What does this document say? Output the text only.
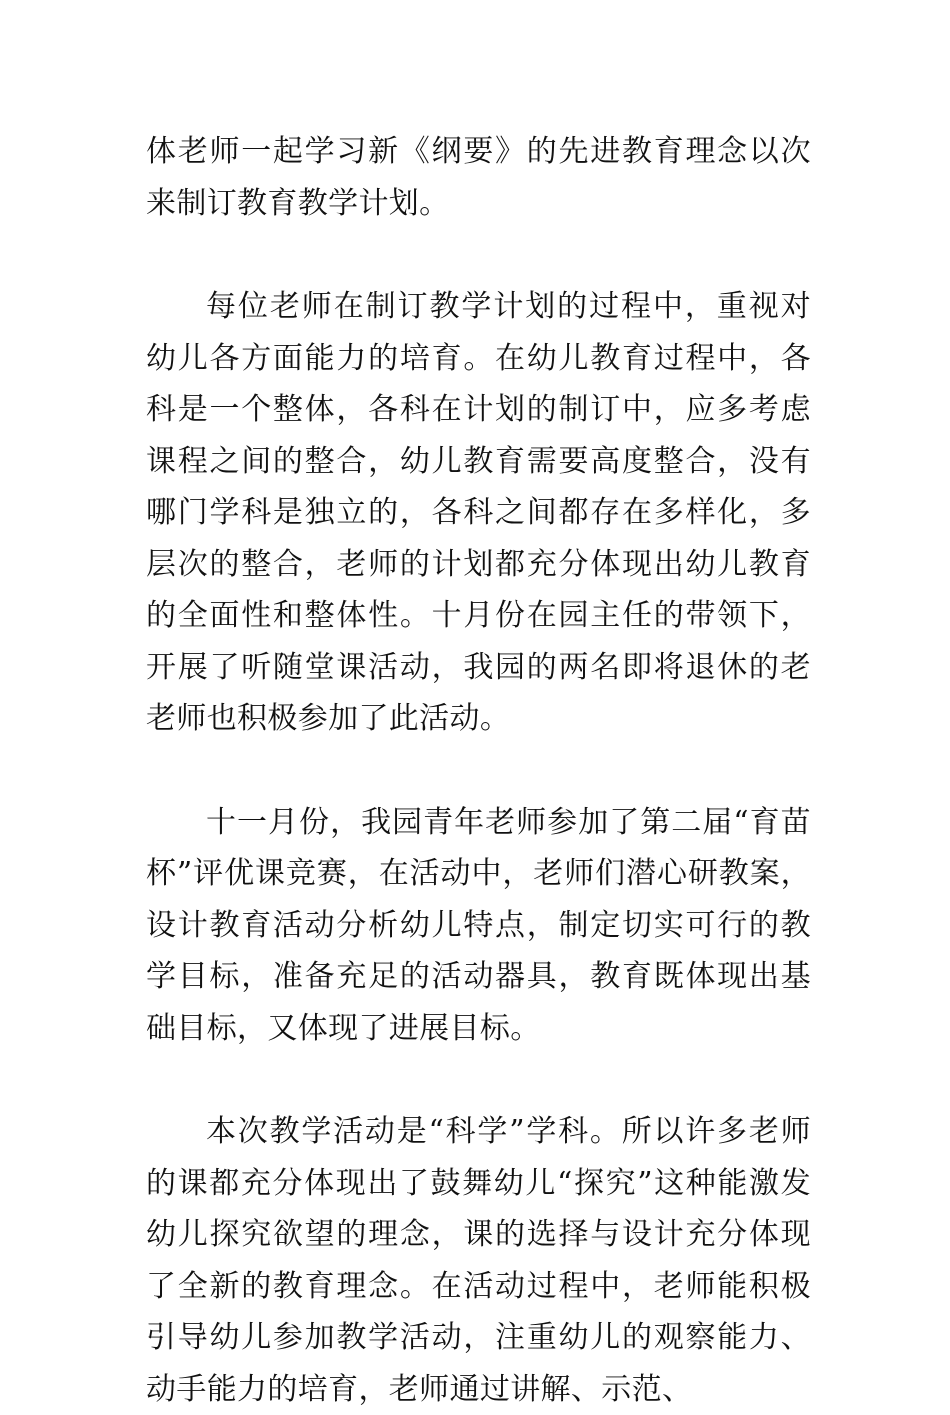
体老师一起学习新《纲要》的先进教育理念以次来制订教育教学计划。

每位老师在制订教学计划的过程中，重视对幼儿各方面能力的培育。在幼儿教育过程中，各科是一个整体，各科在计划的制订中，应多考虑课程之间的整合，幼儿教育需要高度整合，没有哪门学科是独立的，各科之间都存在多样化，多层次的整合，老师的计划都充分体现出幼儿教育的全面性和整体性。十月份在园主任的带领下，开展了听随堂课活动，我园的两名即将退休的老老师也积极参加了此活动。

十一月份，我园青年老师参加了第二届“育苗杯”评优课竞赛，在活动中，老师们潜心研教案，设计教育活动分析幼儿特点，制定切实可行的教学目标，准备充足的活动器具，教育既体现出基础目标，又体现了进展目标。

本次教学活动是“科学”学科。所以许多老师的课都充分体现出了鼓舞幼儿“探究”这种能激发幼儿探究欲望的理念，课的选择与设计充分体现了全新的教育理念。在活动过程中，老师能积极引导幼儿参加教学活动，注重幼儿的观察能力、动手能力的培育，老师通过讲解、示范、
